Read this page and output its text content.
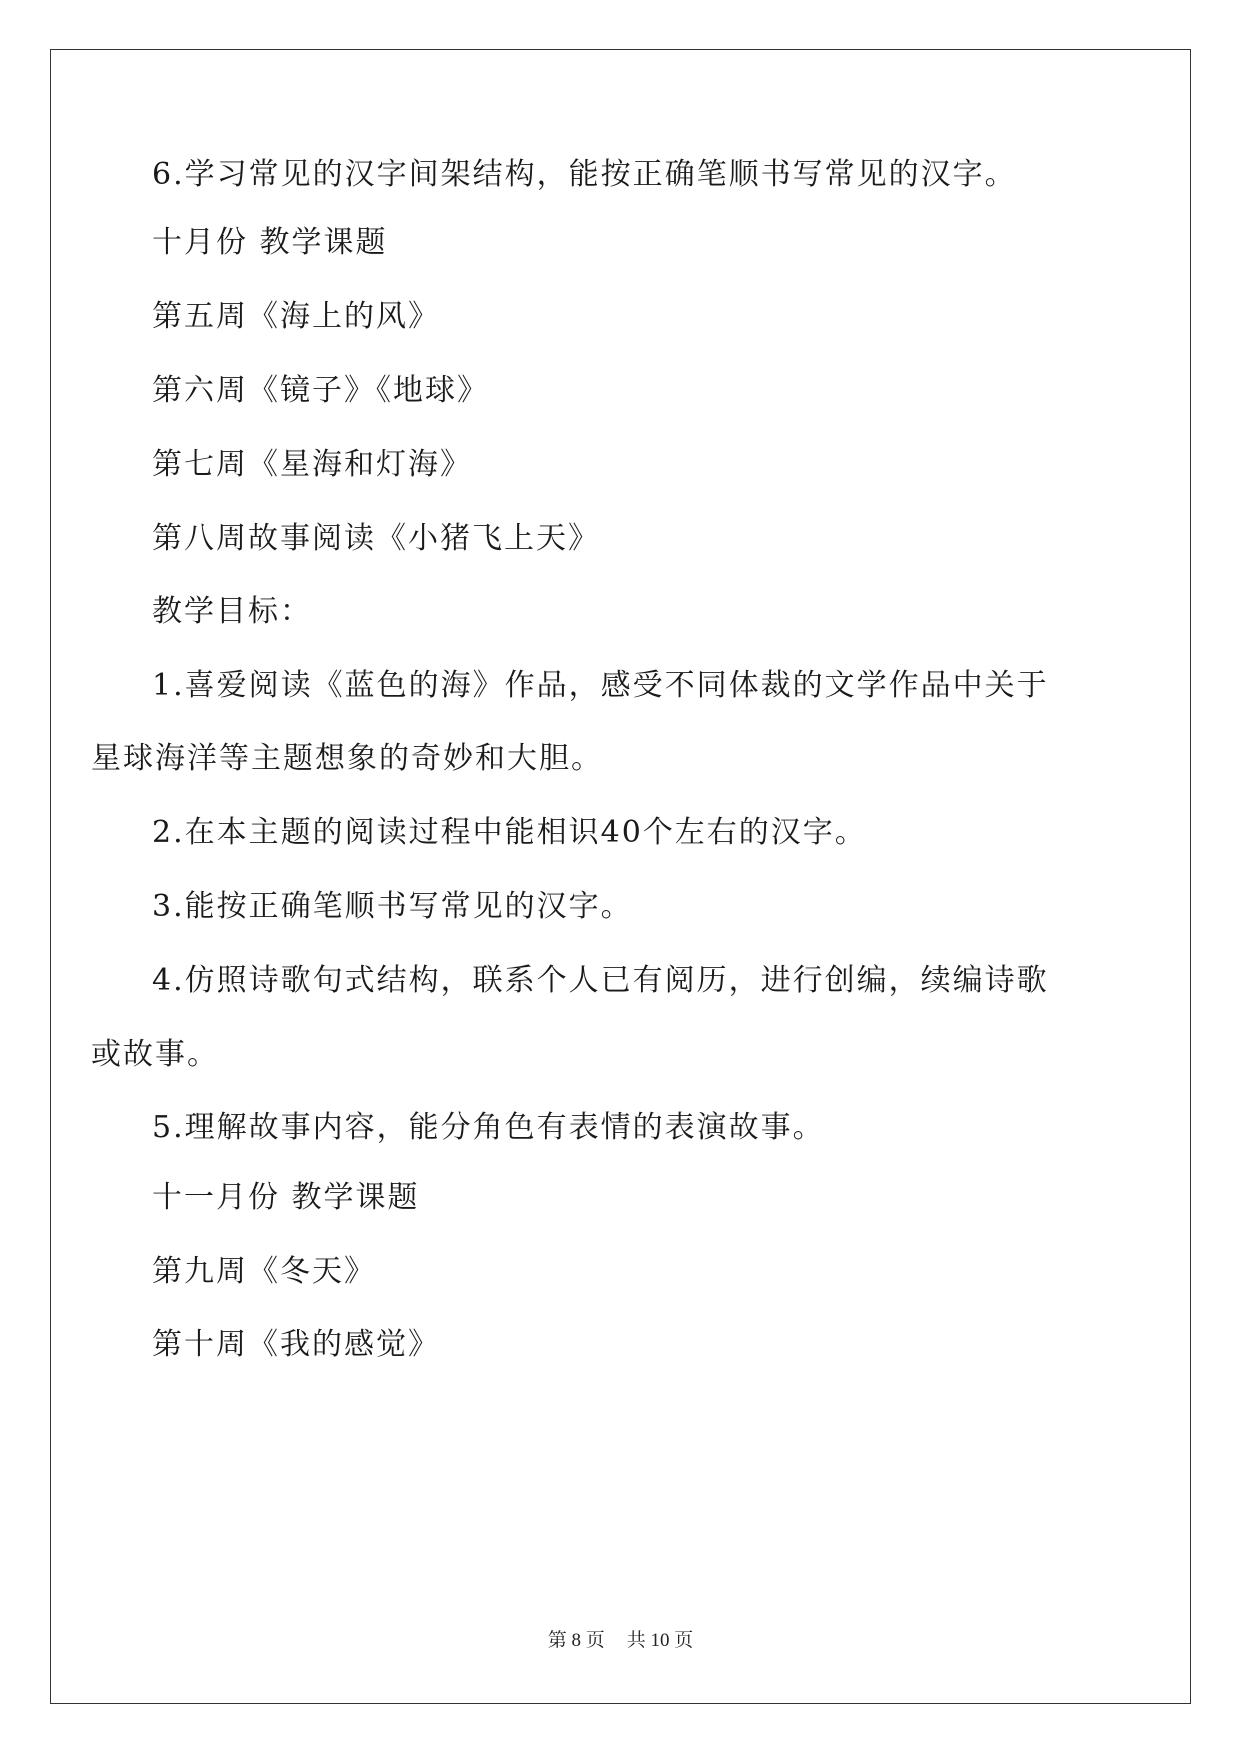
6.学习常见的汉字间架结构，能按正确笔顺书写常见的汉字。
十月份 教学课题
第五周《海上的风》
第六周《镜子》《地球》
第七周《星海和灯海》
第八周故事阅读《小猪飞上天》
教学目标：
1.喜爱阅读《蓝色的海》作品，感受不同体裁的文学作品中关于
星球海洋等主题想象的奇妙和大胆。
2.在本主题的阅读过程中能相识40个左右的汉字。
3.能按正确笔顺书写常见的汉字。
4.仿照诗歌句式结构，联系个人已有阅历，进行创编，续编诗歌
或故事。
5.理解故事内容，能分角色有表情的表演故事。
十一月份 教学课题
第九周《冬天》
第十周《我的感觉》
第 8 页 共 10 页
